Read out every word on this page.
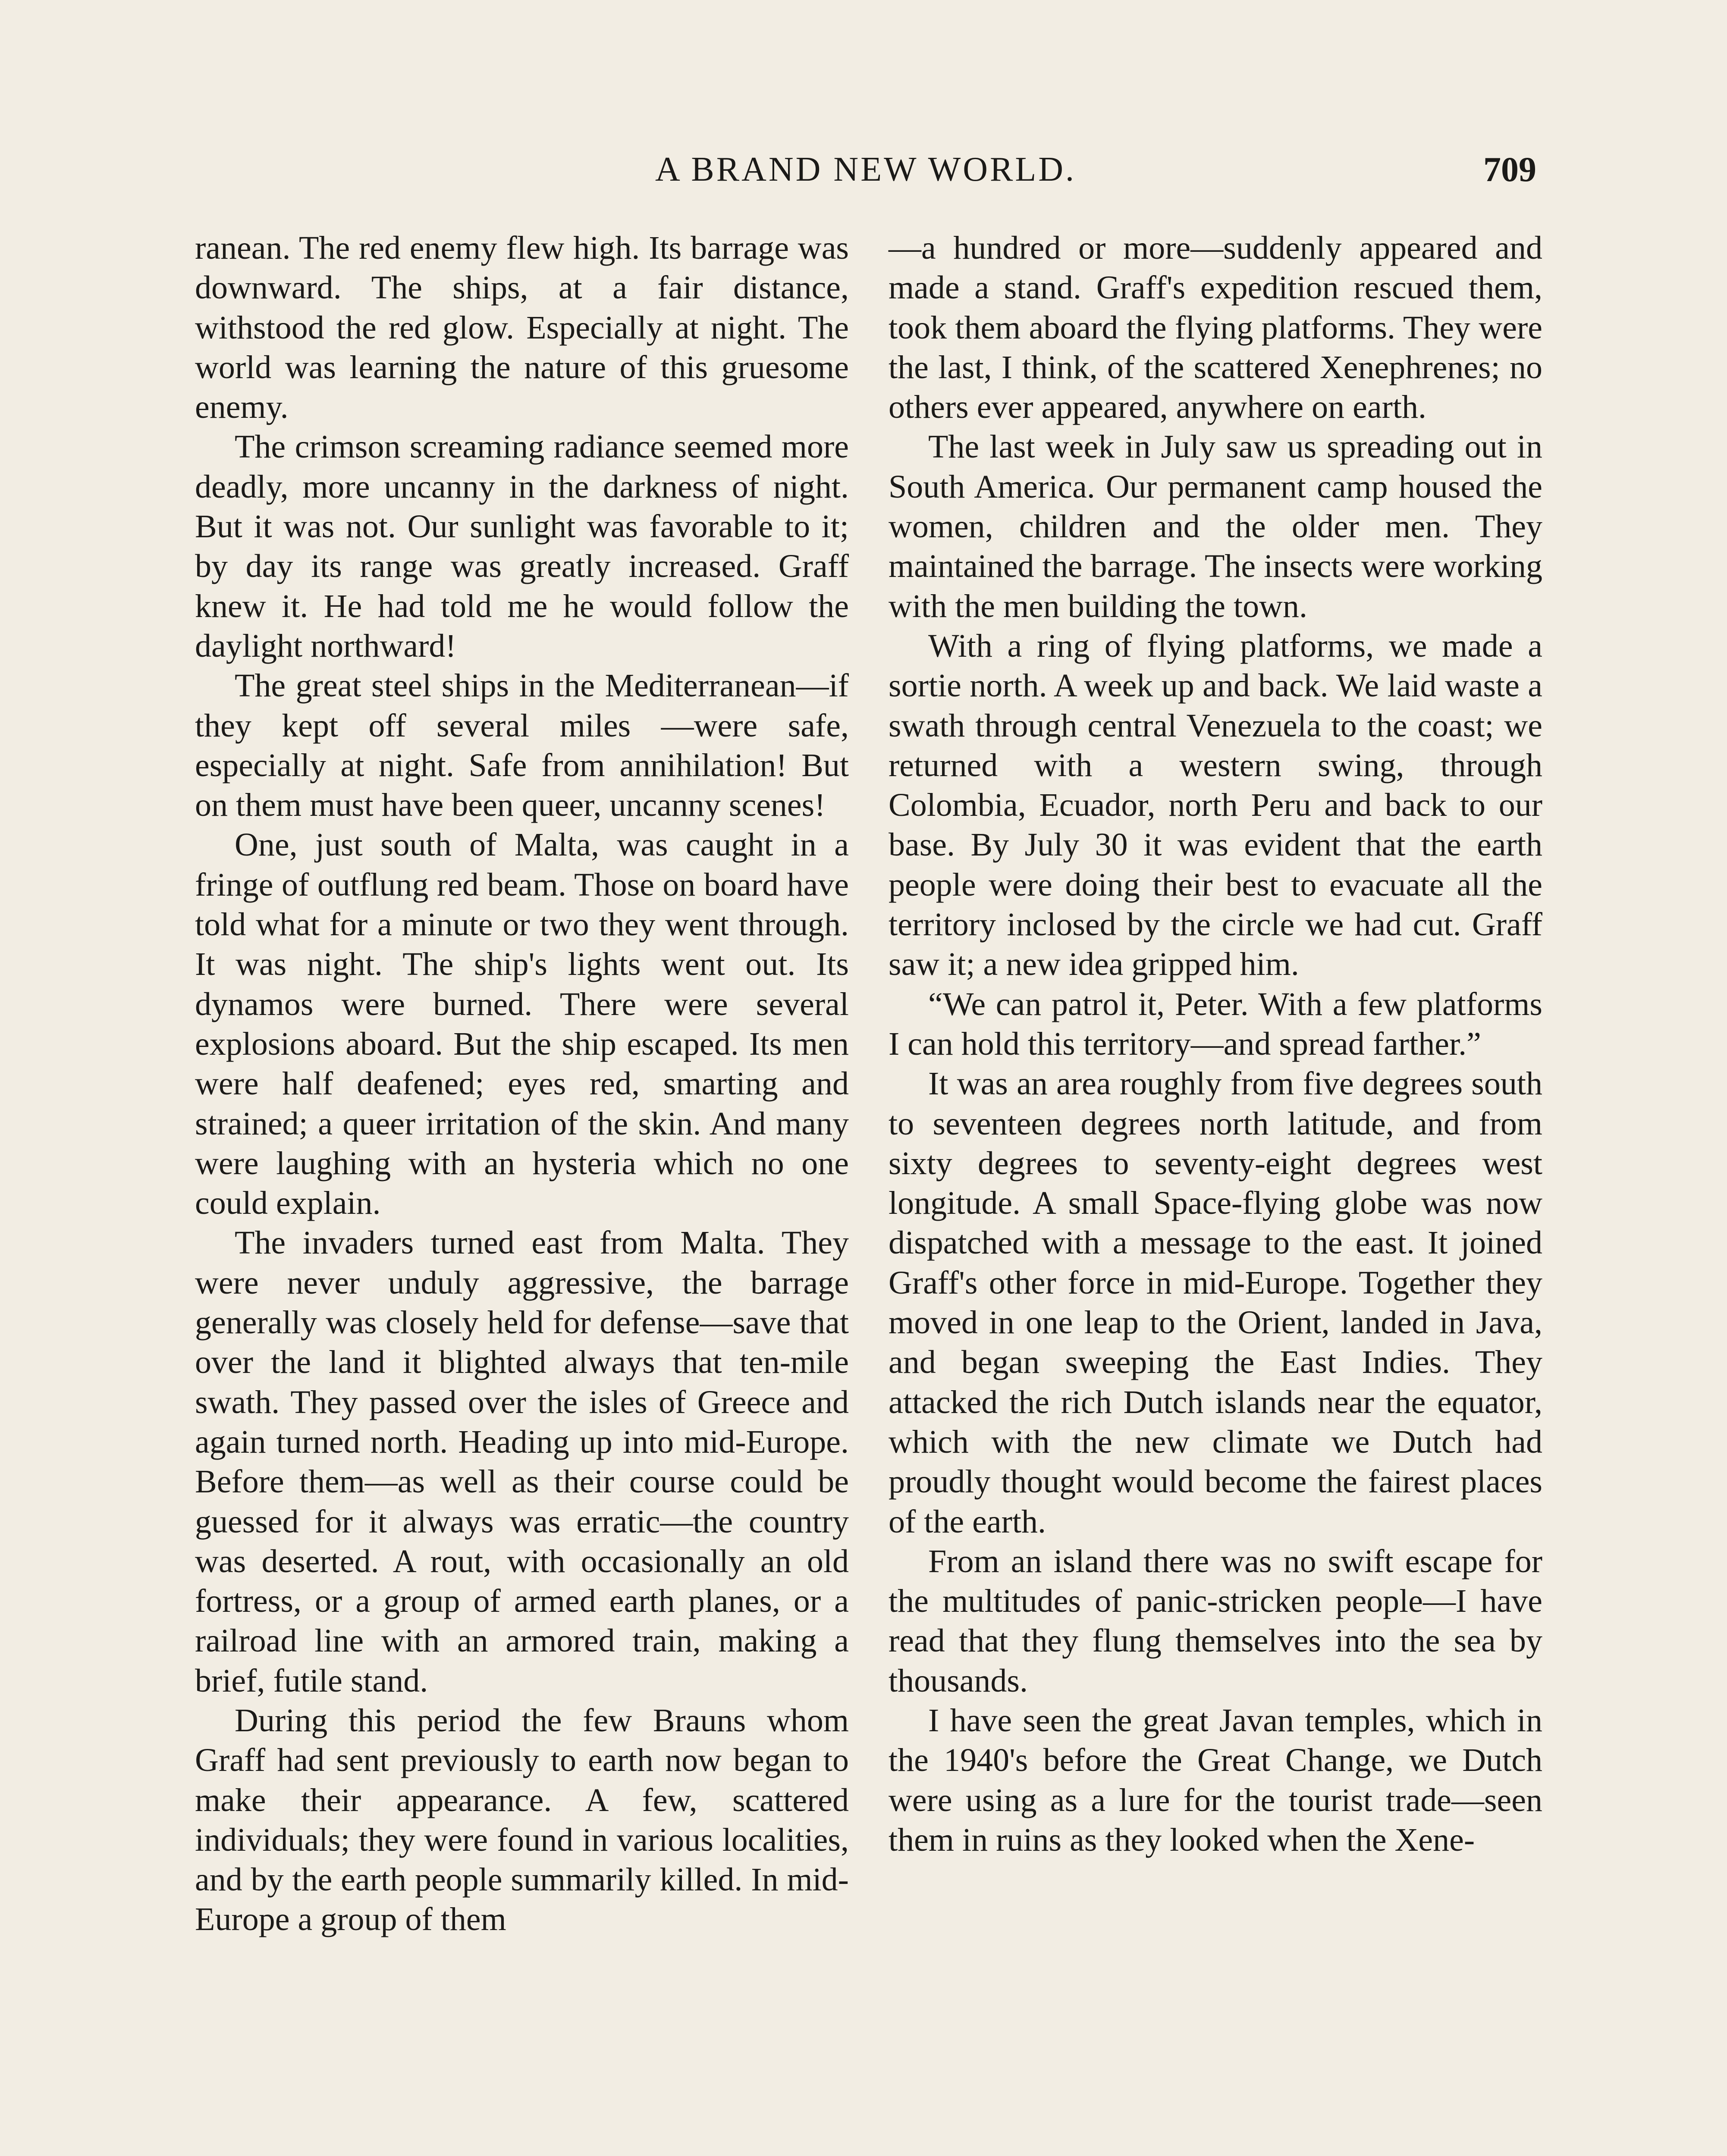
A BRAND NEW WORLD.	709

ranean. The red enemy flew high. Its barrage was downward. The ships, at a fair distance, withstood the red glow. Especially at night. The world was learning the nature of this gruesome enemy.

The crimson screaming radiance seemed more deadly, more uncanny in the darkness of night. But it was not. Our sunlight was favorable to it; by day its range was greatly increased. Graff knew it. He had told me he would follow the daylight northward!

The great steel ships in the Mediterranean—if they kept off several miles —were safe, especially at night. Safe from annihilation! But on them must have been queer, uncanny scenes!

One, just south of Malta, was caught in a fringe of outflung red beam. Those on board have told what for a minute or two they went through. It was night. The ship's lights went out. Its dynamos were burned. There were several explosions aboard. But the ship escaped. Its men were half deafened; eyes red, smarting and strained; a queer irritation of the skin. And many were laughing with an hysteria which no one could explain.

The invaders turned east from Malta. They were never unduly aggressive, the barrage generally was closely held for defense—save that over the land it blighted always that ten-mile swath. They passed over the isles of Greece and again turned north. Heading up into mid-Europe. Before them—as well as their course could be guessed for it always was erratic—the country was deserted. A rout, with occasionally an old fortress, or a group of armed earth planes, or a railroad line with an armored train, making a brief, futile stand.

During this period the few Brauns whom Graff had sent previously to earth now began to make their appearance. A few, scattered individuals; they were found in various localities, and by the earth people summarily killed. In mid-Europe a group of them

—a hundred or more—suddenly appeared and made a stand. Graff's expedition rescued them, took them aboard the flying platforms. They were the last, I think, of the scattered Xenephrenes; no others ever appeared, anywhere on earth.

The last week in July saw us spreading out in South America. Our permanent camp housed the women, children and the older men. They maintained the barrage. The insects were working with the men building the town.

With a ring of flying platforms, we made a sortie north. A week up and back. We laid waste a swath through central Venezuela to the coast; we returned with a western swing, through Colombia, Ecuador, north Peru and back to our base. By July 30 it was evident that the earth people were doing their best to evacuate all the territory inclosed by the circle we had cut. Graff saw it; a new idea gripped him.

“We can patrol it, Peter. With a few platforms I can hold this territory—and spread farther.”

It was an area roughly from five degrees south to seventeen degrees north latitude, and from sixty degrees to seventy-eight degrees west longitude. A small Space-flying globe was now dispatched with a message to the east. It joined Graff's other force in mid-Europe. Together they moved in one leap to the Orient, landed in Java, and began sweeping the East Indies. They attacked the rich Dutch islands near the equator, which with the new climate we Dutch had proudly thought would become the fairest places of the earth.

From an island there was no swift escape for the multitudes of panic-stricken people—I have read that they flung themselves into the sea by thousands.

I have seen the great Javan temples, which in the 1940's before the Great Change, we Dutch were using as a lure for the tourist trade—seen them in ruins as they looked when the Xene-
